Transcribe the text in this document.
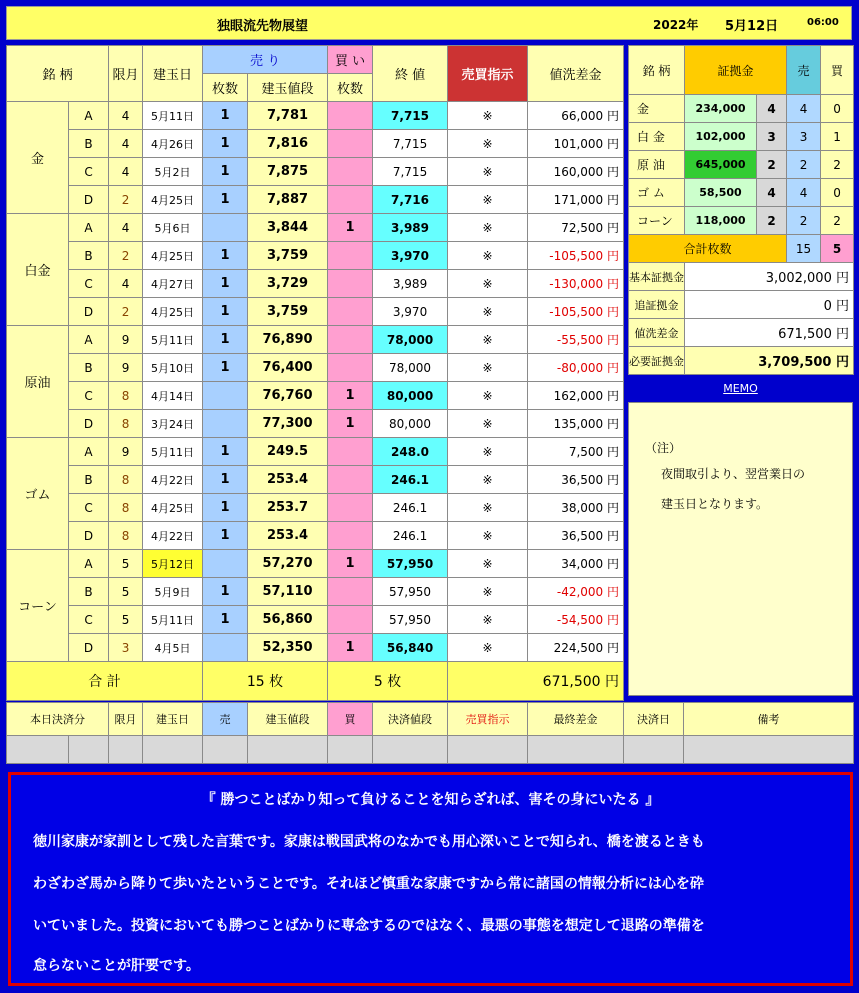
独眼流先物展望	2022年 5月12日	06:00
銘 柄		限月	建玉日	売 り		買 い	終 値	売買指示	値洗差金
				枚数	建玉値段	枚数			
金	A	4	5月11日	1	7,781		7,715	※	66,000 円
	B	4	4月26日	1	7,816		7,715	※	101,000 円
	C	4	5月2日	1	7,875		7,715	※	160,000 円
	D	2	4月25日	1	7,887		7,716	※	171,000 円
白金	A	4	5月6日		3,844	1	3,989	※	72,500 円
	B	2	4月25日	1	3,759		3,970	※	-105,500 円
	C	4	4月27日	1	3,729		3,989	※	-130,000 円
	D	2	4月25日	1	3,759		3,970	※	-105,500 円
原油	A	9	5月11日	1	76,890		78,000	※	-55,500 円
	B	9	5月10日	1	76,400		78,000	※	-80,000 円
	C	8	4月14日		76,760	1	80,000	※	162,000 円
	D	8	3月24日		77,300	1	80,000	※	135,000 円
ゴム	A	9	5月11日	1	249.5		248.0	※	7,500 円
	B	8	4月22日	1	253.4		246.1	※	36,500 円
	C	8	4月25日	1	253.7		246.1	※	38,000 円
	D	8	4月22日	1	253.4		246.1	※	36,500 円
コーン	A	5	5月12日		57,270	1	57,950	※	34,000 円
	B	5	5月9日	1	57,110		57,950	※	-42,000 円
	C	5	5月11日	1	56,860		57,950	※	-54,500 円
	D	3	4月5日		52,350	1	56,840	※	224,500 円
合 計				15 枚		5 枚		671,500 円	
銘 柄	証拠金		売	買
金	234,000	4	4	0
白 金	102,000	3	3	1
原 油	645,000	2	2	2
ゴ ム	58,500	4	4	0
コーン	118,000	2	2	2
合計枚数			15	5
基本証拠金	3,002,000 円			
追証拠金	0 円			
値洗差金	671,500 円			
必要証拠金	3,709,500 円			
MEMO
（注）
夜間取引より、翌営業日の
建玉日となります。
本日決済分		限月	建玉日	売	建玉値段	買	決済値段	売買指示	最終差金	決済日	備考

『 勝つことばかり知って負けることを知らざれば、害その身にいたる 』
徳川家康が家訓として残した言葉です。家康は戦国武将のなかでも用心深いことで知られ、橋を渡るときも
わざわざ馬から降りて歩いたということです。それほど慎重な家康ですから常に諸国の情報分析には心を砕
いていました。投資においても勝つことばかりに専念するのではなく、最悪の事態を想定して退路の準備を
怠らないことが肝要です。
